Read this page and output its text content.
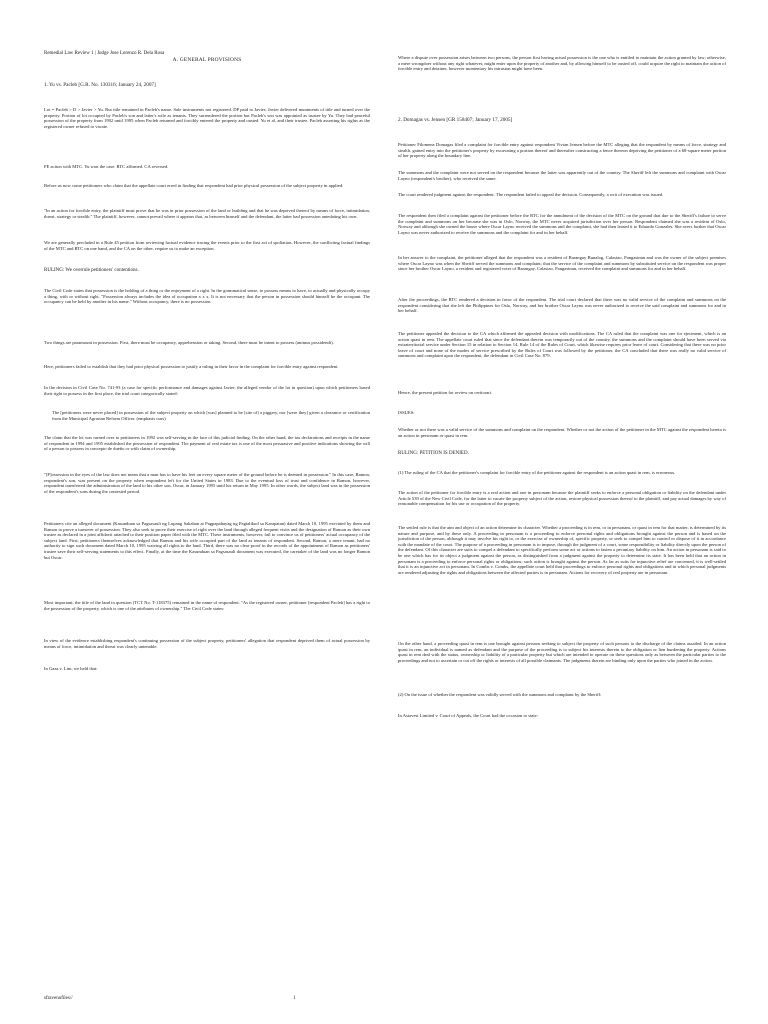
Remedial Law Review 1 | Judge Jose Lorenzo R. Dela Rosa
A. GENERAL PROVISIONS

1. Yu vs. Pacleb [G.R. No. 130316; January 24, 2007]

Lot = Pacleb > D > Javier > Yu. But title remained in Pacleb's name. Sale instruments not registered. DP paid to Javier; Javier delivered muniments of title and turned over the property. Portion of lot occupied by Pacleb's son and latter's wife as tenants. They surrendered the portion but Pacleb's son was appointed as trustee by Yu. They had peaceful possession of the property from 1992 until 1995 when Pacleb returned and forcibly entered the property and ousted. Yu et al. and their trustee. Pacleb asserting his rights as the registered owner refused to vacate.

FE action with MTC. Yu won the case. RTC affirmed. CA reversed.

Before us now come petitioners who claim that the appellate court erred in finding that respondent had prior physical possession of the subject property in applied.

"In an action for forcible entry, the plaintiff must prove that he was in prior possession of the land or building and that he was deprived thereof by means of force, intimidation, threat, strategy or stealth." The plaintiff, however, cannot prevail where it appears that, as between himself and the defendant, the latter had possession antedating his own.

We are generally precluded in a Rule 45 petition from reviewing factual evidence tracing the events prior to the first act of spoliation. However, the conflicting factual findings of the MTC and RTC on one hand, and the CA on the other, require us to make an exception.

RULING: We overrule petitioners' contentions.

The Civil Code states that possession is the holding of a thing or the enjoyment of a right. In the grammatical sense, to possess means to have, to actually and physically occupy a thing, with or without right. "Possession always includes the idea of occupation x x x. It is not necessary that the person in possession should himself be the occupant. The occupancy can be held by another in his name." Without occupancy, there is no possession.

Two things are paramount in possession. First, there must be occupancy, apprehension or taking. Second, there must be intent to possess (animus possidendi).

Here, petitioners failed to establish that they had prior physical possession to justify a ruling in their favor in the complaint for forcible entry against respondent.

In the decision in Civil Case No. 741-93 (a case for specific performance and damages against Javier, the alleged vendor of the lot in question) upon which petitioners based their right to possess in the first place, the trial court categorically stated:

The [petitioners were never placed] in possession of the subject property on which [was] planned to be [site of] a piggery, nor [were they] given a clearance or certification from the Municipal Agrarian Reform Officer. (emphasis ours)

The claim that the lot was turned over to petitioners in 1992 was self-serving in the face of this judicial finding. On the other hand, the tax declarations and receipts in the name of respondent in 1994 and 1995 established the possession of respondent. The payment of real estate tax is one of the most persuasive and positive indications showing the will of a person to possess in concepto de dueño or with claim of ownership.

"[P]ossession in the eyes of the law does not mean that a man has to have his feet on every square meter of the ground before he is deemed in possession." In this case, Ramon, respondent's son, was present on the property when respondent left for the United States in 1983. Due to the eventual loss of trust and confidence in Ramon, however, respondent transferred the administration of the land to his other son, Oscar, in January 1995 until his return in May 1995. In other words, the subject land was in the possession of the respondent's sons during the contested period.

Petitioners cite an alleged document (Kasunduan sa Pagsasauli ng Lupang Sakahan at Pagpapahayag ng Pagtalikod sa Karapatan) dated March 10, 1995 executed by them and Ramon to prove a turnover of possession. They also seek to prove their exercise of right over the land through alleged frequent visits and the designation of Ramon as their own trustee as declared in a joint affidavit attached to their position paper filed with the MTC. These instruments, however, fail to convince us of petitioners' actual occupancy of the subject land. First, petitioners themselves acknowledged that Ramon and his wife occupied part of the land as tenants of respondent. Second, Ramon, a mere tenant, had no authority to sign such document dated March 10, 1995 waiving all rights to the land. Third, there was no clear proof in the records of the appointment of Ramon as petitioners' trustee save their self-serving statements to this effect. Finally, at the time the Kasunduan sa Pagsasauli document was executed, the caretaker of the land was no longer Ramon but Oscar.

Most important, the title of the land in question (TCT No. T-118375) remained in the name of respondent. "As the registered owner, petitioner [respondent Pacleb] has a right to the possession of the property, which is one of the attributes of ownership." The Civil Code states:

In view of the evidence establishing respondent's continuing possession of the subject property, petitioners' allegation that respondent deprived them of actual possession by means of force, intimidation and threat was clearly untenable.

In Gaza v. Lim, we held that:

Where a dispute over possession arises between two persons, the person first having actual possession is the one who is entitled to maintain the action granted by law; otherwise, a mere wrongdoer without any right whatever, might enter upon the property of another and, by allowing himself to be ousted off, could acquire the right to maintain the action of forcible entry and detainer, however momentary his intrusion might have been.

2. Domagas vs. Jensen [GR 158407; January 17, 2005]

Petitioner Filomena Domagas filed a complaint for forcible entry against respondent Vivian Jensen before the MTC alleging that the respondent by means of force, strategy and stealth, gained entry into the petitioner's property by excavating a portion thereof and thereafter constructing a fence thereon depriving the petitioner of a 68-square meter portion of her property along the boundary line.

The summons and the complaint were not served on the respondent because the latter was apparently out of the country. The Sheriff left the summons and complaint with Oscar Layno (respondent's brother), who received the same.

The court rendered judgment against the respondent. The respondent failed to appeal the decision. Consequently, a writ of execution was issued.

The respondent then filed a complaint against the petitioner before the RTC for the annulment of the decision of the MTC on the ground that due to the Sheriff's failure to serve the complaint and summons on her because she was in Oslo, Norway, the MTC never acquired jurisdiction over her person. Respondent claimed she was a resident of Oslo, Norway and although she owned the house where Oscar Layno received the summons and the complaint, she had then leased it to Eduardo Gonzales. She avers further that Oscar Layno was never authorized to receive the summons and the complaint for and in her behalf.

In her answer to the complaint, the petitioner alleged that the respondent was a resident of Barangay Bunalog, Calasiao, Pangasinan and was the owner of the subject premises where Oscar Layno was when the Sheriff served the summons and complaint; that the service of the complaint and summons by substituted service on the respondent was proper since her brother Oscar Layno, a resident and registered voter of Barangay, Calasiao, Pangasinan, received the complaint and summons for and in her behalf.

After the proceedings, the RTC rendered a decision in favor of the respondent. The trial court declared that there was no valid service of the complaint and summons on the respondent considering that she left the Philippines for Oslo, Norway, and her brother Oscar Layno was never authorized to receive the said complaint and summons for and in her behalf.

The petitioner appealed the decision to the CA which affirmed the appealed decision with modifications. The CA ruled that the complaint was one for ejectment, which is an action quasi in rem. The appellate court ruled that since the defendant therein was temporarily out of the country, the summons and the complaint should have been served via extraterritorial service under Section 15 in relation to Section 14, Rule 14 of the Rules of Court, which likewise requires prior leave of court. Considering that there was no prior leave of court and none of the modes of service prescribed by the Rules of Court was followed by the petitioner, the CA concluded that there was really no valid service of summons and complaint upon the respondent, the defendant in Civil Case No. 879.

Hence, the present petition for review on certiorari.

ISSUES:

Whether or not there was a valid service of the summons and complaint on the respondent. Whether or not the action of the petitioner in the MTC against the respondent herein is an action in personam or quasi in rem.

RULING: PETITION IS DENIED.

(1) The ruling of the CA that the petitioner's complaint for forcible entry of the petitioner against the respondent is an action quasi in rem, is erroneous.

The action of the petitioner for forcible entry is a real action and one in personam because the plaintiff seeks to enforce a personal obligation or liability on the defendant under Article 539 of the New Civil Code, for the latter to vacate the property subject of the action, restore physical possession thereof to the plaintiff, and pay actual damages by way of reasonable compensation for his use or occupation of the property.

The settled rule is that the aim and object of an action determine its character. Whether a proceeding is in rem, or in personam, or quasi in rem for that matter, is determined by its nature and purpose, and by these only. A proceeding in personam is a proceeding to enforce personal rights and obligations brought against the person and is based on the jurisdiction of the person, although it may involve his right to, or the exercise of ownership of, specific property, or seek to compel him to control or dispose of it in accordance with the mandate of the court. The purpose of a proceeding in personam is to impose, through the judgment of a court, some responsibility or liability directly upon the person of the defendant. Of this character are suits to compel a defendant to specifically perform some act or actions to fasten a pecuniary liability on him. An action in personam is said to be one which has for its object a judgment against the person, as distinguished from a judgment against the property to determine its state. It has been held that an action in personam is a proceeding to enforce personal rights or obligations; such action is brought against the person. As far as suits for injunctive relief are concerned, it is well-settled that it is an injunctive act in personam. In Combs v. Combs, the appellate court held that proceedings to enforce personal rights and obligations and in which personal judgments are rendered adjusting the rights and obligations between the affected parties is in personam. Actions for recovery of real property are in personam.

On the other hand, a proceeding quasi in rem is one brought against persons seeking to subject the property of such persons to the discharge of the claims assailed. In an action quasi in rem, an individual is named as defendant and the purpose of the proceeding is to subject his interests therein to the obligation or lien burdening the property. Actions quasi in rem deal with the status, ownership or liability of a particular property but which are intended to operate on these questions only as between the particular parties to the proceedings and not to ascertain or cut off the rights or interests of all possible claimants. The judgments therein are binding only upon the parties who joined in the action.

(2) On the issue of whether the respondent was validly served with the summons and complaint by the Sheriff:

In Asiavest Limited v. Court of Appeals, the Court had the occasion to state:

sfravenofiles//	1
